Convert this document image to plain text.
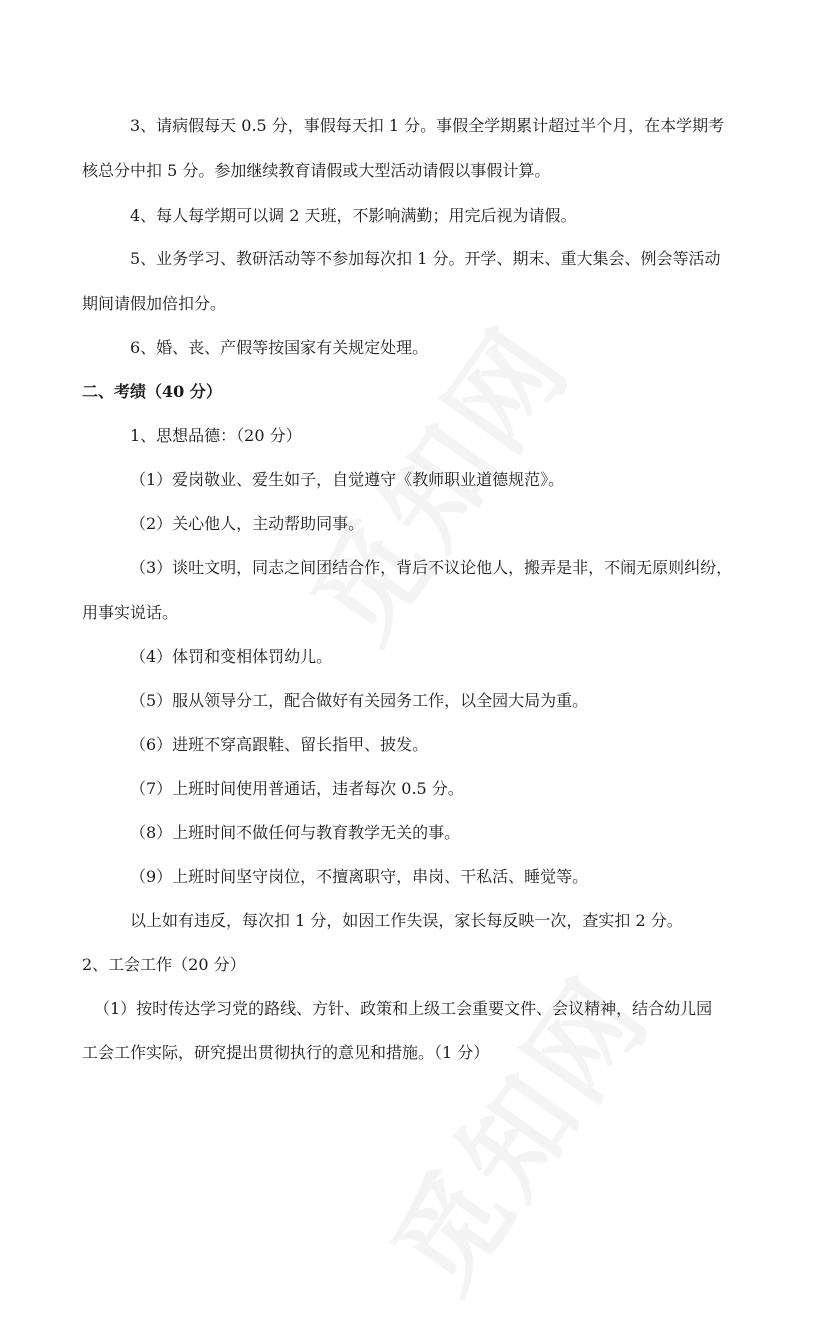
3、请病假每天 0.5 分，事假每天扣 1 分。事假全学期累计超过半个月，在本学期考
核总分中扣 5 分。参加继续教育请假或大型活动请假以事假计算。
4、每人每学期可以调 2 天班，不影响满勤；用完后视为请假。
5、业务学习、教研活动等不参加每次扣 1 分。开学、期末、重大集会、例会等活动
期间请假加倍扣分。
6、婚、丧、产假等按国家有关规定处理。
二、考绩（40 分）
1、思想品德：（20 分）
（1）爱岗敬业、爱生如子，自觉遵守《教师职业道德规范》。
（2）关心他人，主动帮助同事。
（3）谈吐文明，同志之间团结合作，背后不议论他人，搬弄是非，不闹无原则纠纷，
用事实说话。
（4）体罚和变相体罚幼儿。
（5）服从领导分工，配合做好有关园务工作，以全园大局为重。
（6）进班不穿高跟鞋、留长指甲、披发。
（7）上班时间使用普通话，违者每次 0.5 分。
（8）上班时间不做任何与教育教学无关的事。
（9）上班时间坚守岗位，不擅离职守，串岗、干私活、睡觉等。
以上如有违反，每次扣 1 分，如因工作失误，家长每反映一次，查实扣 2 分。
2、工会工作（20 分）
（1）按时传达学习党的路线、方针、政策和上级工会重要文件、会议精神，结合幼儿园
工会工作实际，研究提出贯彻执行的意见和措施。（1 分）
